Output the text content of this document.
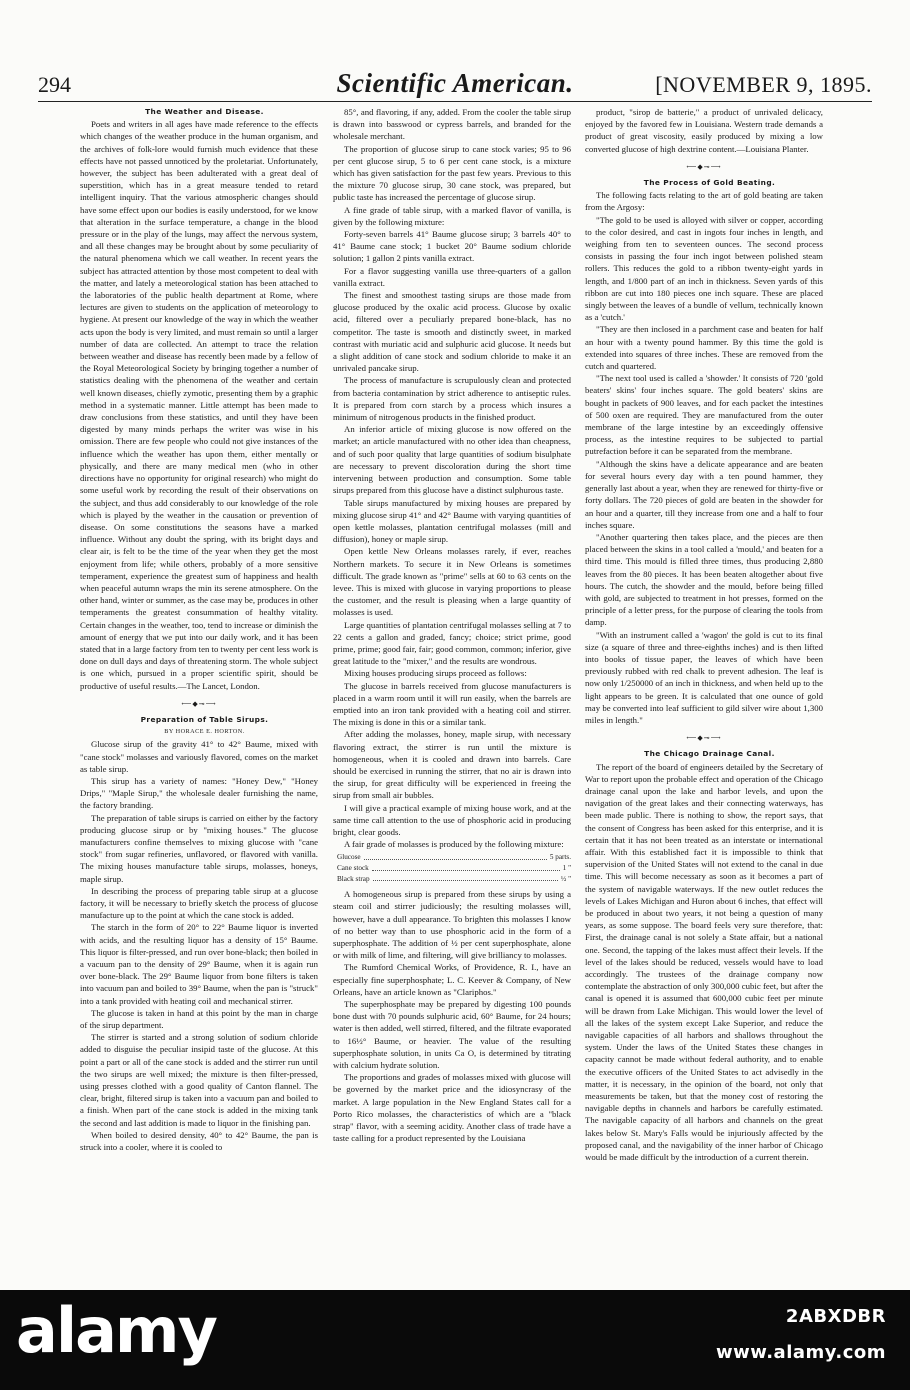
294	Scientific American.	[NOVEMBER 9, 1895.

The Weather and Disease.

Poets and writers in all ages have made reference to the effects which changes of the weather produce in the human organism, and the archives of folk-lore would furnish much evidence that these effects have not passed unnoticed by the proletariat. Unfortunately, however, the subject has been adulterated with a great deal of superstition, which has in a great measure tended to retard intelligent inquiry. That the various atmospheric changes should have some effect upon our bodies is easily understood, for we know that alteration in the surface temperature, a change in the blood pressure or in the play of the lungs, may affect the nervous system, and all these changes may be brought about by some peculiarity of the natural phenomena which we call weather. In recent years the subject has attracted attention by those most competent to deal with the matter, and lately a meteorological station has been attached to the laboratories of the public health department at Rome, where lectures are given to students on the application of meteorology to hygiene. At present our knowledge of the way in which the weather acts upon the body is very limited, and must remain so until a larger number of data are collected. An attempt to trace the relation between weather and disease has recently been made by a fellow of the Royal Meteorological Society by bringing together a number of statistics dealing with the phenomena of the weather and certain well known diseases, chiefly zymotic, presenting them by a graphic method in a systematic manner. Little attempt has been made to draw conclusions from these statistics, and until they have been digested by many minds perhaps the writer was wise in his omission. There are few people who could not give instances of the influence which the weather has upon them, either mentally or physically, and there are many medical men (who in other directions have no opportunity for original research) who might do some useful work by recording the result of their observations on the subject, and thus add considerably to our knowledge of the role which is played by the weather in the causation or prevention of disease. On some constitutions the seasons have a marked influence. Without any doubt the spring, with its bright days and clear air, is felt to be the time of the year when they get the most enjoyment from life; while others, probably of a more sensitive temperament, experience the greatest sum of happiness and health when peaceful autumn wraps the min its serene atmosphere. On the other hand, winter or summer, as the case may be, produces in other temperaments the greatest consummation of healthy vitality. Certain changes in the weather, too, tend to increase or diminish the amount of energy that we put into our daily work, and it has been stated that in a large factory from ten to twenty per cent less work is done on dull days and days of threatening storm. The whole subject is one which, pursued in a proper scientific spirit, should be productive of useful results.—The Lancet, London.

⟵◆⊸⟶

Preparation of Table Sirups.

BY HORACE E. HORTON.

Glucose sirup of the gravity 41° to 42° Baume, mixed with "cane stock" molasses and variously flavored, comes on the market as table sirup.

This sirup has a variety of names: "Honey Dew," "Honey Drips," "Maple Sirup," the wholesale dealer furnishing the name, the factory branding.

The preparation of table sirups is carried on either by the factory producing glucose sirup or by "mixing houses." The glucose manufacturers confine themselves to mixing glucose with "cane stock" from sugar refineries, unflavored, or flavored with vanilla. The mixing houses manufacture table sirups, molasses, honeys, maple sirup.

In describing the process of preparing table sirup at a glucose factory, it will be necessary to briefly sketch the process of glucose manufacture up to the point at which the cane stock is added.

The starch in the form of 20° to 22° Baume liquor is inverted with acids, and the resulting liquor has a density of 15° Baume. This liquor is filter-pressed, and run over bone-black; then boiled in a vacuum pan to the density of 29° Baume, when it is again run over bone-black. The 29° Baume liquor from bone filters is taken into vacuum pan and boiled to 39° Baume, when the pan is "struck" into a tank provided with heating coil and mechanical stirrer.

The glucose is taken in hand at this point by the man in charge of the sirup department.

The stirrer is started and a strong solution of sodium chloride added to disguise the peculiar insipid taste of the glucose. At this point a part or all of the cane stock is added and the stirrer run until the two sirups are well mixed; the mixture is then filter-pressed, using presses clothed with a good quality of Canton flannel. The clear, bright, filtered sirup is taken into a vacuum pan and boiled to a finish. When part of the cane stock is added in the mixing tank the second and last addition is made to liquor in the finishing pan.

When boiled to desired density, 40° to 42° Baume, the pan is struck into a cooler, where it is cooled to

85°, and flavoring, if any, added. From the cooler the table sirup is drawn into basswood or cypress barrels, and branded for the wholesale merchant.

The proportion of glucose sirup to cane stock varies; 95 to 96 per cent glucose sirup, 5 to 6 per cent cane stock, is a mixture which has given satisfaction for the past few years. Previous to this the mixture 70 glucose sirup, 30 cane stock, was prepared, but public taste has increased the percentage of glucose sirup.

A fine grade of table sirup, with a marked flavor of vanilla, is given by the following mixture:

Forty-seven barrels 41° Baume glucose sirup; 3 barrels 40° to 41° Baume cane stock; 1 bucket 20° Baume sodium chloride solution; 1 gallon 2 pints vanilla extract.

For a flavor suggesting vanilla use three-quarters of a gallon vanilla extract.

The finest and smoothest tasting sirups are those made from glucose produced by the oxalic acid process. Glucose by oxalic acid, filtered over a peculiarly prepared bone-black, has no competitor. The taste is smooth and distinctly sweet, in marked contrast with muriatic acid and sulphuric acid glucose. It needs but a slight addition of cane stock and sodium chloride to make it an unrivaled pancake sirup.

The process of manufacture is scrupulously clean and protected from bacteria contamination by strict adherence to antiseptic rules. It is prepared from corn starch by a process which insures a minimum of nitrogenous products in the finished product.

An inferior article of mixing glucose is now offered on the market; an article manufactured with no other idea than cheapness, and of such poor quality that large quantities of sodium bisulphate are necessary to prevent discoloration during the short time intervening between production and consumption. Some table sirups prepared from this glucose have a distinct sulphurous taste.

Table sirups manufactured by mixing houses are prepared by mixing glucose sirup 41° and 42° Baume with varying quantities of open kettle molasses, plantation centrifugal molasses (mill and diffusion), honey or maple sirup.

Open kettle New Orleans molasses rarely, if ever, reaches Northern markets. To secure it in New Orleans is sometimes difficult. The grade known as "prime" sells at 60 to 63 cents on the levee. This is mixed with glucose in varying proportions to please the customer, and the result is pleasing when a large quantity of molasses is used.

Large quantities of plantation centrifugal molasses selling at 7 to 22 cents a gallon and graded, fancy; choice; strict prime, good prime, prime; good fair, fair; good common, common; inferior, give great latitude to the "mixer," and the results are wondrous.

Mixing houses producing sirups proceed as follows:

The glucose in barrels received from glucose manufacturers is placed in a warm room until it will run easily, when the barrels are emptied into an iron tank provided with a heating coil and stirrer. The mixing is done in this or a similar tank.

After adding the molasses, honey, maple sirup, with necessary flavoring extract, the stirrer is run until the mixture is homogeneous, when it is cooled and drawn into barrels. Care should be exercised in running the stirrer, that no air is drawn into the sirup, for great difficulty will be experienced in freeing the sirup from small air bubbles.

I will give a practical example of mixing house work, and at the same time call attention to the use of phosphoric acid in producing bright, clear goods.

A fair grade of molasses is produced by the following mixture:

Glucose	5 parts.
Cane stock	1 "
Black strap	½ "

A homogeneous sirup is prepared from these sirups by using a steam coil and stirrer judiciously; the resulting molasses will, however, have a dull appearance. To brighten this molasses I know of no better way than to use phosphoric acid in the form of a superphosphate. The addition of ½ per cent superphosphate, alone or with milk of lime, and filtering, will give brilliancy to molasses.

The Rumford Chemical Works, of Providence, R. I., have an especially fine superphosphate; L. C. Keever & Company, of New Orleans, have an article known as "Clariphos."

The superphosphate may be prepared by digesting 100 pounds bone dust with 70 pounds sulphuric acid, 60° Baume, for 24 hours; water is then added, well stirred, filtered, and the filtrate evaporated to 16½° Baume, or heavier. The value of the resulting superphosphate solution, in units Ca O, is determined by titrating with calcium hydrate solution.

The proportions and grades of molasses mixed with glucose will be governed by the market price and the idiosyncrasy of the market. A large population in the New England States call for a Porto Rico molasses, the characteristics of which are a "black strap" flavor, with a seeming acidity. Another class of trade have a taste calling for a product represented by the Louisiana

product, "sirop de batterie," a product of unrivaled delicacy, enjoyed by the favored few in Louisiana. Western trade demands a product of great viscosity, easily produced by mixing a low converted glucose of high dextrine content.—Louisiana Planter.

⟵◆⊸⟶

The Process of Gold Beating.

The following facts relating to the art of gold beating are taken from the Argosy:

"The gold to be used is alloyed with silver or copper, according to the color desired, and cast in ingots four inches in length, and weighing from ten to seventeen ounces. The second process consists in passing the four inch ingot between polished steam rollers. This reduces the gold to a ribbon twenty-eight yards in length, and 1/800 part of an inch in thickness. Seven yards of this ribbon are cut into 180 pieces one inch square. These are placed singly between the leaves of a bundle of vellum, technically known as a 'cutch.'

"They are then inclosed in a parchment case and beaten for half an hour with a twenty pound hammer. By this time the gold is extended into squares of three inches. These are removed from the cutch and quartered.

"The next tool used is called a 'showder.' It consists of 720 'gold beaters' skins' four inches square. The gold beaters' skins are bought in packets of 900 leaves, and for each packet the intestines of 500 oxen are required. They are manufactured from the outer membrane of the large intestine by an exceedingly offensive process, as the intestine requires to be subjected to partial putrefaction before it can be separated from the membrane.

"Although the skins have a delicate appearance and are beaten for several hours every day with a ten pound hammer, they generally last about a year, when they are renewed for thirty-five or forty dollars. The 720 pieces of gold are beaten in the showder for an hour and a quarter, till they increase from one and a half to four inches square.

"Another quartering then takes place, and the pieces are then placed between the skins in a tool called a 'mould,' and beaten for a third time. This mould is filled three times, thus producing 2,880 leaves from the 80 pieces. It has been beaten altogether about five hours. The cutch, the showder and the mould, before being filled with gold, are subjected to treatment in hot presses, formed on the principle of a letter press, for the purpose of clearing the tools from damp.

"With an instrument called a 'wagon' the gold is cut to its final size (a square of three and three-eighths inches) and is then lifted into books of tissue paper, the leaves of which have been previously rubbed with red chalk to prevent adhesion. The leaf is now only 1/250000 of an inch in thickness, and when held up to the light appears to be green. It is calculated that one ounce of gold may be converted into leaf sufficient to gild silver wire about 1,300 miles in length."

⟵◆⊸⟶

The Chicago Drainage Canal.

The report of the board of engineers detailed by the Secretary of War to report upon the probable effect and operation of the Chicago drainage canal upon the lake and harbor levels, and upon the navigation of the great lakes and their connecting waterways, has been made public. There is nothing to show, the report says, that the consent of Congress has been asked for this enterprise, and it is certain that it has not been treated as an interstate or international affair. With this established fact it is impossible to think that supervision of the United States will not extend to the canal in due time. This will become necessary as soon as it becomes a part of the system of navigable waterways. If the new outlet reduces the levels of Lakes Michigan and Huron about 6 inches, that effect will be produced in about two years, it not being a question of many years, as some suppose. The board feels very sure therefore, that: First, the drainage canal is not solely a State affair, but a national one. Second, the tapping of the lakes must affect their levels. If the level of the lakes should be reduced, vessels would have to load accordingly. The trustees of the drainage company now contemplate the abstraction of only 300,000 cubic feet, but after the canal is opened it is assumed that 600,000 cubic feet per minute will be drawn from Lake Michigan. This would lower the level of all the lakes of the system except Lake Superior, and reduce the navigable capacities of all harbors and shallows throughout the system. Under the laws of the United States these changes in capacity cannot be made without federal authority, and to enable the executive officers of the United States to act advisedly in the matter, it is necessary, in the opinion of the board, not only that measurements be taken, but that the money cost of restoring the navigable depths in channels and harbors be carefully estimated. The navigable capacity of all harbors and channels on the great lakes below St. Mary's Falls would be injuriously affected by the proposed canal, and the navigability of the inner harbor of Chicago would be made difficult by the introduction of a current therein.

alamy	2ABXDBR
www.alamy.com
